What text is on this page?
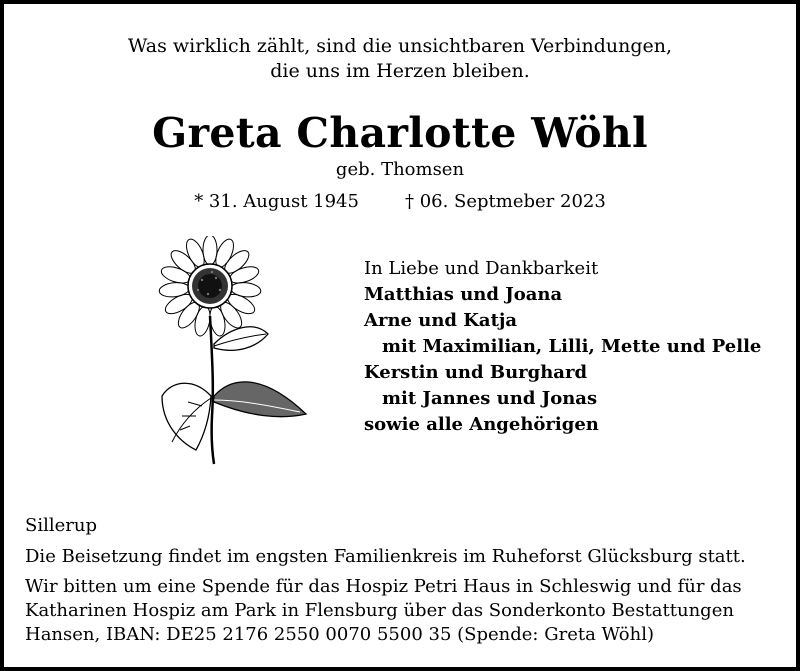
Was wirklich zählt, sind die unsichtbaren Verbindungen,
die uns im Herzen bleiben.
Greta Charlotte Wöhl
geb. Thomsen
* 31. August 1945	† 06. Septmeber 2023
In Liebe und Dankbarkeit
Matthias und Joana
Arne und Katja
mit Maximilian, Lilli, Mette und Pelle
Kerstin und Burghard
mit Jannes und Jonas
sowie alle Angehörigen
Sillerup
Die Beisetzung findet im engsten Familienkreis im Ruheforst Glücksburg statt.
Wir bitten um eine Spende für das Hospiz Petri Haus in Schleswig und für das
Katharinen Hospiz am Park in Flensburg über das Sonderkonto Bestattungen
Hansen, IBAN: DE25 2176 2550 0070 5500 35 (Spende: Greta Wöhl)
